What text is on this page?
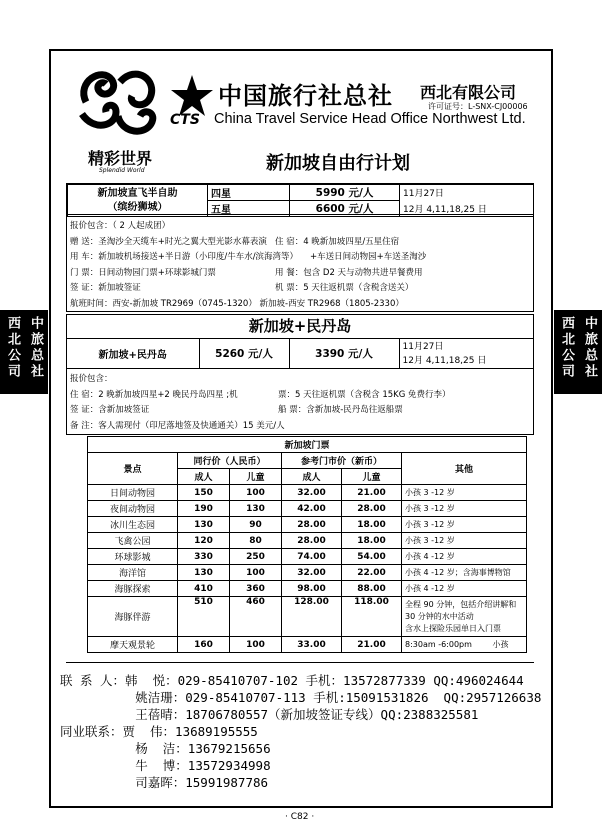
中旅总社
西北公司	中旅总社
西北公司
精彩世界
Splendid World
CTS
中国旅行社总社 西北有限公司
许可证号：L-SNX-CJ00006
China Travel Service Head Office Northwest Ltd.
新加坡自由行计划
新加坡直飞半自助
（缤纷狮城）	四星	5990 元/人	11月27日
	五星	6600 元/人	12月 4,11,18,25 日
报价包含：（ 2 人起成团）
赠 送：圣淘沙全天缆车+时光之翼大型光影水幕表演 住 宿：4 晚新加坡四星/五星住宿
用 车：新加坡机场接送+半日游（小印度/牛车水/滨海湾等）	+车送日间动物园+车送圣淘沙
门 票：日间动物园门票+环球影城门票	用 餐：包含 D2 天与动物共进早餐费用
签 证：新加坡签证	机 票：5 天往返机票（含税含送关）
航班时间：西安-新加坡 TR2969（0745-1320） 新加坡-西安 TR2968（1805-2330）
新加坡+民丹岛
新加坡+民丹岛	5260 元/人	3390 元/人	
11月27日
12月 4,11,18,25 日
报价包含：
住 宿：2 晚新加坡四星+2 晚民丹岛四星 ;机	票：5 天往返机票（含税含 15KG 免费行李）
签 证：含新加坡签证	船 票：含新加坡-民丹岛往返船票
备 注：客人需现付（印尼落地签及快通通关）15 美元/人
新加坡门票					
景点	同行价（人民币）		参考门市价（新币）		其他
	成人	儿童	成人	儿童	
日间动物园	150	100	32.00	21.00	小孩 3 -12 岁
夜间动物园	190	130	42.00	28.00	小孩 3 -12 岁
冰川生态园	130	90	28.00	18.00	小孩 3 -12 岁
飞禽公园	120	80	28.00	18.00	小孩 3 -12 岁
环球影城	330	250	74.00	54.00	小孩 4 -12 岁
海洋馆	130	100	32.00	22.00	小孩 4 -12 岁；含海事博物馆
海豚探索	410	360	98.00	88.00	小孩 4 -12 岁
海豚伴游	510	460	128.00	118.00	全程 90 分钟，包括介绍讲解和
30 分钟的水中活动
含水上探险乐园单日入门票

摩天观景轮	160	100	33.00	21.00	8:30am -6:00pm 小孩
联 系 人：韩  悦：029-85410707-102 手机：13572877339 QQ:496024644
姚洁珊：029-85410707-113 手机:15091531826  QQ:2957126638
王蓓晴：18706780557（新加坡签证专线）QQ:2388325581
同业联系：贾  伟：13689195555
杨  洁：13679215656
牛  博：13572934998
司嘉晖：15991987786
· C82 ·
